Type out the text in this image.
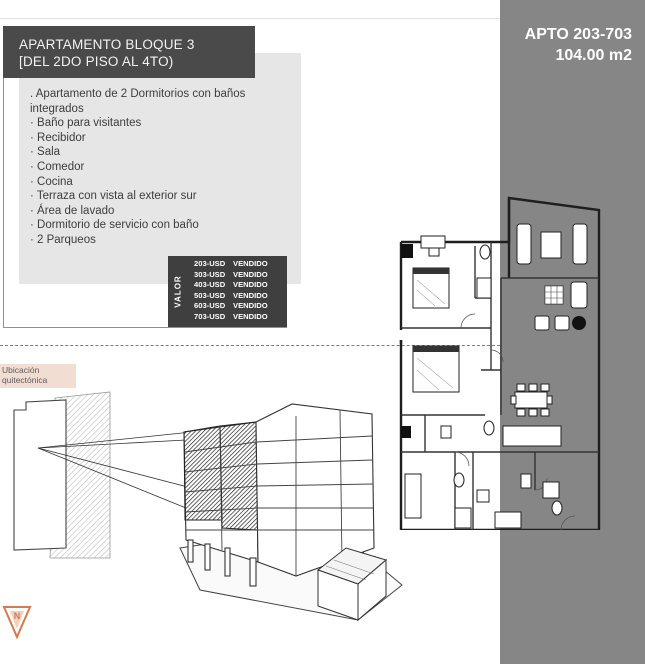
APTO 203-703
104.00 m2
APARTAMENTO BLOQUE 3
[DEL 2DO PISO AL 4TO)
. Apartamento de 2 Dormitorios con baños integrados
· Baño para visitantes
· Recibidor
· Sala
· Comedor
· Cocina
· Terraza con vista al exterior sur
· Área de lavado
· Dormitorio de servicio con baño
· 2 Parqueos
VALOR
203-USD VENDIDO
303-USD VENDIDO
403-USD VENDIDO
503-USD VENDIDO
603-USD VENDIDO
703-USD VENDIDO
Ubicación
quitectónica
N
